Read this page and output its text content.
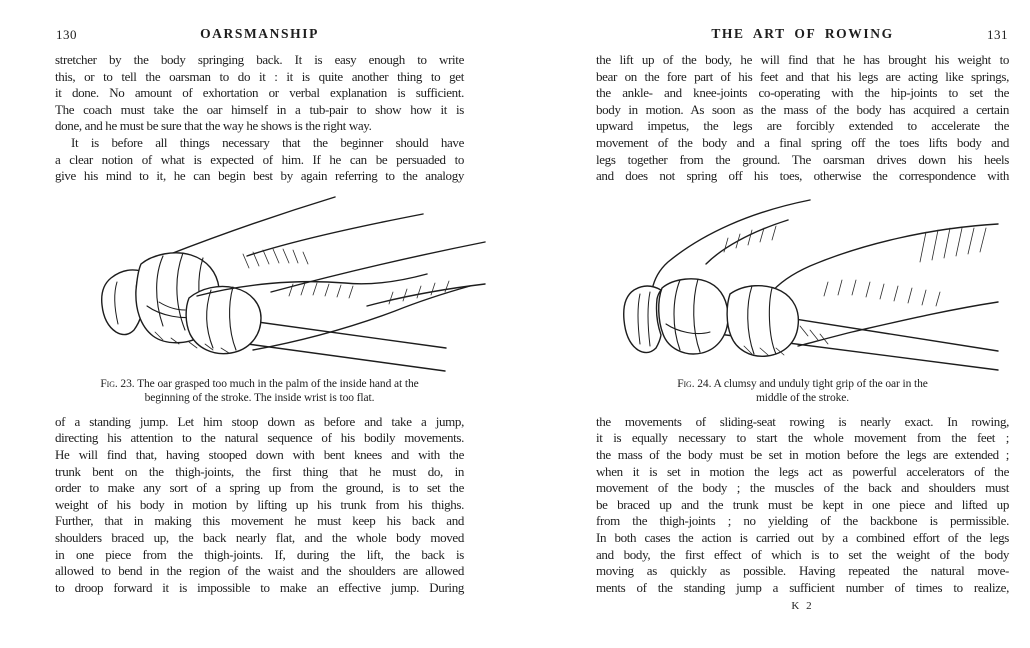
130	OARSMANSHIP
stretcher by the body springing back. It is easy enough to write
this, or to tell the oarsman to do it : it is quite another thing to get
it done. No amount of exhortation or verbal explanation is sufficient.
The coach must take the oar himself in a tub-pair to show how it is
done, and he must be sure that the way he shows is the right way.
It is before all things necessary that the beginner should have
a clear notion of what is expected of him. If he can be persuaded to
give his mind to it, he can begin best by again referring to the analogy
Fig. 23. The oar grasped too much in the palm of the inside hand at the
beginning of the stroke. The inside wrist is too flat.
of a standing jump. Let him stoop down as before and take a jump,
directing his attention to the natural sequence of his bodily movements.
He will find that, having stooped down with bent knees and with the
trunk bent on the thigh-joints, the first thing that he must do, in
order to make any sort of a spring up from the ground, is to set the
weight of his body in motion by lifting up his trunk from his thighs.
Further, that in making this movement he must keep his back and
shoulders braced up, the back nearly flat, and the whole body moved
in one piece from the thigh-joints. If, during the lift, the back is
allowed to bend in the region of the waist and the shoulders are allowed
to droop forward it is impossible to make an effective jump. During
131
THE ART OF ROWING
the lift up of the body, he will find that he has brought his weight to
bear on the fore part of his feet and that his legs are acting like springs,
the ankle- and knee-joints co-operating with the hip-joints to set the
body in motion. As soon as the mass of the body has acquired a certain
upward impetus, the legs are forcibly extended to accelerate the
movement of the body and a final spring off the toes lifts body and
legs together from the ground. The oarsman drives down his heels
and does not spring off his toes, otherwise the correspondence with
Fig. 24. A clumsy and unduly tight grip of the oar in the
middle of the stroke.
the movements of sliding-seat rowing is nearly exact. In rowing,
it is equally necessary to start the whole movement from the feet ;
the mass of the body must be set in motion before the legs are extended ;
when it is set in motion the legs act as powerful accelerators of the
movement of the body ; the muscles of the back and shoulders must
be braced up and the trunk must be kept in one piece and lifted up
from the thigh-joints ; no yielding of the backbone is permissible.
In both cases the action is carried out by a combined effort of the legs
and body, the first effect of which is to set the weight of the body
moving as quickly as possible. Having repeated the natural move-
ments of the standing jump a sufficient number of times to realize,
K 2
